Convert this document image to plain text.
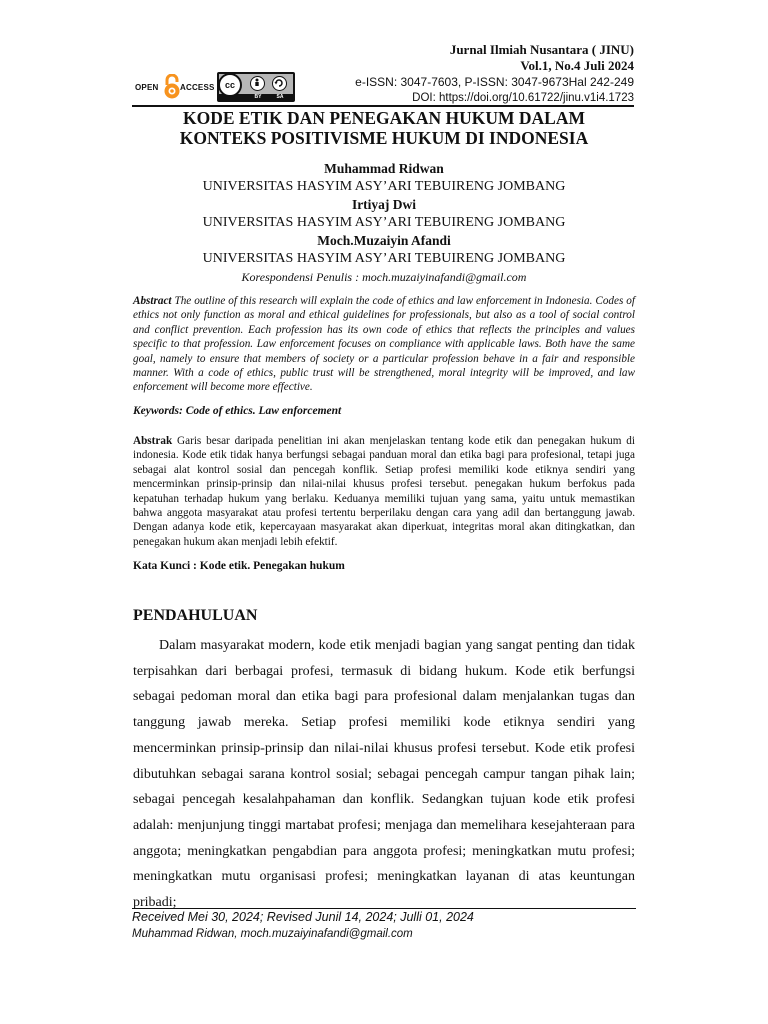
OPEN	ACCESS	cc
BY	SA
Jurnal Ilmiah Nusantara ( JINU)
Vol.1, No.4 Juli 2024
e-ISSN: 3047-7603, P-ISSN: 3047-9673Hal 242-249
DOI: https://doi.org/10.61722/jinu.v1i4.1723
KODE ETIK DAN PENEGAKAN HUKUM DALAM
KONTEKS POSITIVISME HUKUM DI INDONESIA
Muhammad Ridwan
UNIVERSITAS HASYIM ASY’ARI TEBUIRENG JOMBANG
Irtiyaj Dwi
UNIVERSITAS HASYIM ASY’ARI TEBUIRENG JOMBANG
Moch.Muzaiyin Afandi
UNIVERSITAS HASYIM ASY’ARI TEBUIRENG JOMBANG
Korespondensi Penulis : moch.muzaiyinafandi@gmail.com
Abstract The outline of this research will explain the code of ethics and law enforcement in Indonesia. Codes of ethics not only function as moral and ethical guidelines for professionals, but also as a tool of social control and conflict prevention. Each profession has its own code of ethics that reflects the principles and values specific to that profession. Law enforcement focuses on compliance with applicable laws. Both have the same goal, namely to ensure that members of society or a particular profession behave in a fair and responsible manner. With a code of ethics, public trust will be strengthened, moral integrity will be improved, and law enforcement will become more effective.
Keywords: Code of ethics. Law enforcement
Abstrak Garis besar daripada penelitian ini akan menjelaskan tentang kode etik dan penegakan hukum di indonesia. Kode etik tidak hanya berfungsi sebagai panduan moral dan etika bagi para profesional, tetapi juga sebagai alat kontrol sosial dan pencegah konflik. Setiap profesi memiliki kode etiknya sendiri yang mencerminkan prinsip-prinsip dan nilai-nilai khusus profesi tersebut. penegakan hukum berfokus pada kepatuhan terhadap hukum yang berlaku. Keduanya memiliki tujuan yang sama, yaitu untuk memastikan bahwa anggota masyarakat atau profesi tertentu berperilaku dengan cara yang adil dan bertanggung jawab. Dengan adanya kode etik, kepercayaan masyarakat akan diperkuat, integritas moral akan ditingkatkan, dan penegakan hukum akan menjadi lebih efektif.
Kata Kunci : Kode etik. Penegakan hukum
PENDAHULUAN
Dalam masyarakat modern, kode etik menjadi bagian yang sangat penting dan tidak terpisahkan dari berbagai profesi, termasuk di bidang hukum. Kode etik berfungsi sebagai pedoman moral dan etika bagi para profesional dalam menjalankan tugas dan tanggung jawab mereka. Setiap profesi memiliki kode etiknya sendiri yang mencerminkan prinsip-prinsip dan nilai-nilai khusus profesi tersebut. Kode etik profesi dibutuhkan sebagai sarana kontrol sosial; sebagai pencegah campur tangan pihak lain; sebagai pencegah kesalahpahaman dan konflik. Sedangkan tujuan kode etik profesi adalah: menjunjung tinggi martabat profesi; menjaga dan memelihara kesejahteraan para anggota; meningkatkan pengabdian para anggota profesi; meningkatkan mutu profesi; meningkatkan mutu organisasi profesi; meningkatkan layanan di atas keuntungan pribadi;
Received Mei 30, 2024; Revised Junil 14, 2024; Julli 01, 2024
Muhammad Ridwan, moch.muzaiyinafandi@gmail.com
